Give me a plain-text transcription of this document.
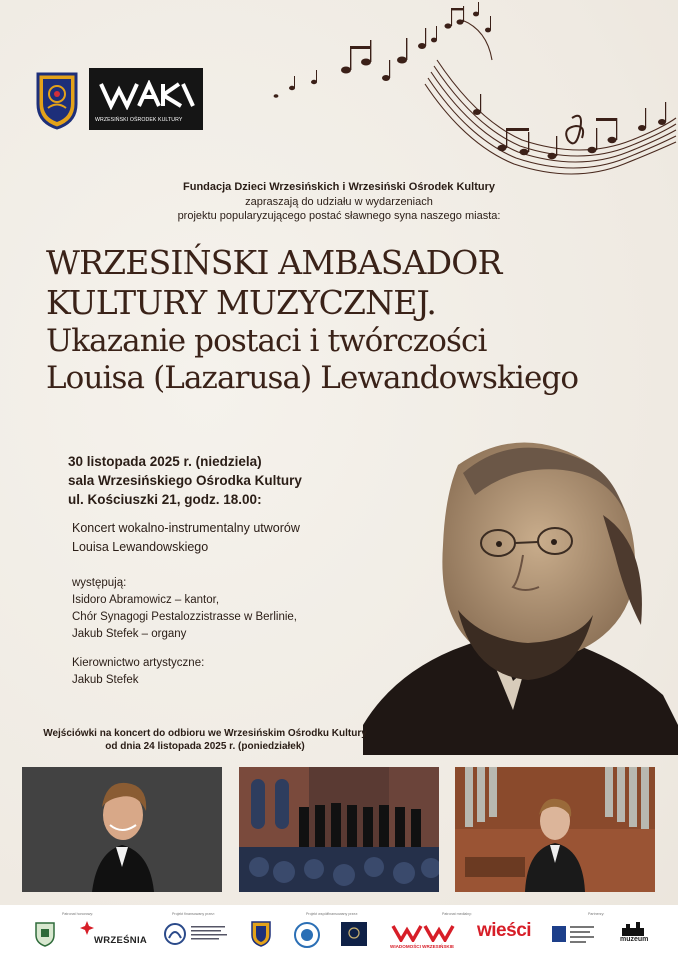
WRZESIŃSKI OŚRODEK KULTURY
Fundacja Dzieci Wrzesińskich i Wrzesiński Ośrodek Kultury
zapraszają do udziału w wydarzeniach
projektu popularyzującego postać sławnego syna naszego miasta:
WRZESIŃSKI AMBASADOR
KULTURY MUZYCZNEJ.
Ukazanie postaci i twórczości
Louisa (Lazarusa) Lewandowskiego
30 listopada 2025 r. (niedziela)
sala Wrzesińskiego Ośrodka Kultury
ul. Kościuszki 21, godz. 18.00:
Koncert wokalno-instrumentalny utworów
Louisa Lewandowskiego
występują:
Isidoro Abramowicz – kantor,
Chór Synagogi Pestalozzistrasse w Berlinie,
Jakub Stefek – organy
Kierownictwo artystyczne:
Jakub Stefek
Wejściówki na koncert do odbioru we Wrzesińskim Ośrodku Kultury
od dnia 24 listopada 2025 r. (poniedziałek)
Patronat honorowy:	Projekt finansowany przez:	Projekt współfinansowany przez:	Patronat medialny:	Partnerzy:
WRZEŚNIA
WIADOMOŚCI WRZESIŃSKIE
wieści	muzeum
